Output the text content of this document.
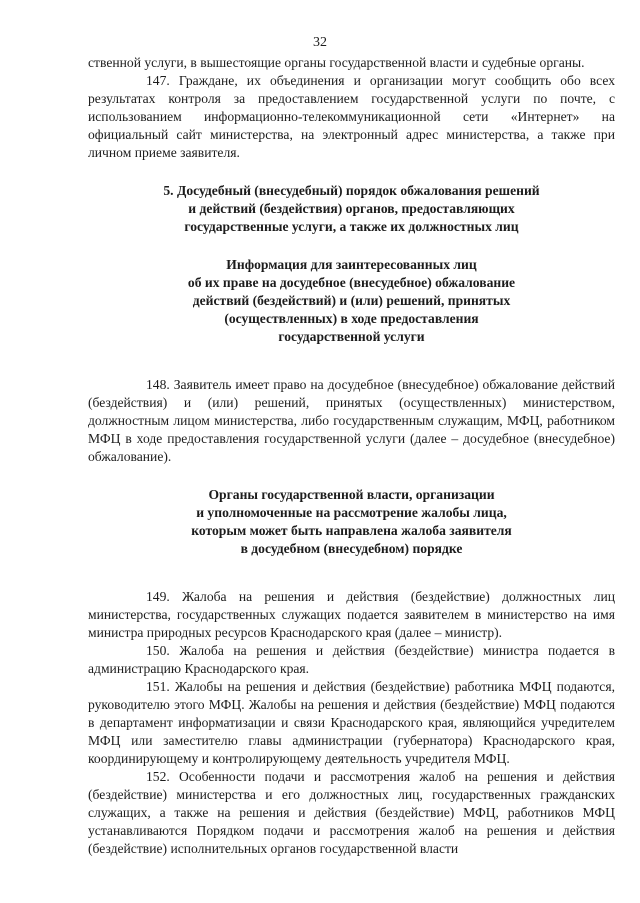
32

ственной услуги, в вышестоящие органы государственной власти и судебные органы.

147. Граждане, их объединения и организации могут сообщить обо всех результатах контроля за предоставлением государственной услуги по почте, с использованием информационно-телекоммуникационной сети «Интернет» на официальный сайт министерства, на электронный адрес министерства, а также при личном приеме заявителя.

5. Досудебный (внесудебный) порядок обжалования решений
и действий (бездействия) органов, предоставляющих
государственные услуги, а также их должностных лиц
Информация для заинтересованных лиц
об их праве на досудебное (внесудебное) обжалование
действий (бездействий) и (или) решений, принятых
(осуществленных) в ходе предоставления
государственной услуги

148. Заявитель имеет право на досудебное (внесудебное) обжалование действий (бездействия) и (или) решений, принятых (осуществленных) министерством, должностным лицом министерства, либо государственным служащим, МФЦ, работником МФЦ в ходе предоставления государственной услуги (далее – досудебное (внесудебное) обжалование).

Органы государственной власти, организации
и уполномоченные на рассмотрение жалобы лица,
которым может быть направлена жалоба заявителя
в досудебном (внесудебном) порядке

149. Жалоба на решения и действия (бездействие) должностных лиц министерства, государственных служащих подается заявителем в министерство на имя министра природных ресурсов Краснодарского края (далее – министр).

150. Жалоба на решения и действия (бездействие) министра подается в администрацию Краснодарского края.

151. Жалобы на решения и действия (бездействие) работника МФЦ подаются, руководителю этого МФЦ. Жалобы на решения и действия (бездействие) МФЦ подаются в департамент информатизации и связи Краснодарского края, являющийся учредителем МФЦ или заместителю главы администрации (губернатора) Краснодарского края, координирующему и контролирующему деятельность учредителя МФЦ.

152. Особенности подачи и рассмотрения жалоб на решения и действия (бездействие) министерства и его должностных лиц, государственных гражданских служащих, а также на решения и действия (бездействие) МФЦ, работников МФЦ устанавливаются Порядком подачи и рассмотрения жалоб на решения и действия (бездействие) исполнительных органов государственной власти
